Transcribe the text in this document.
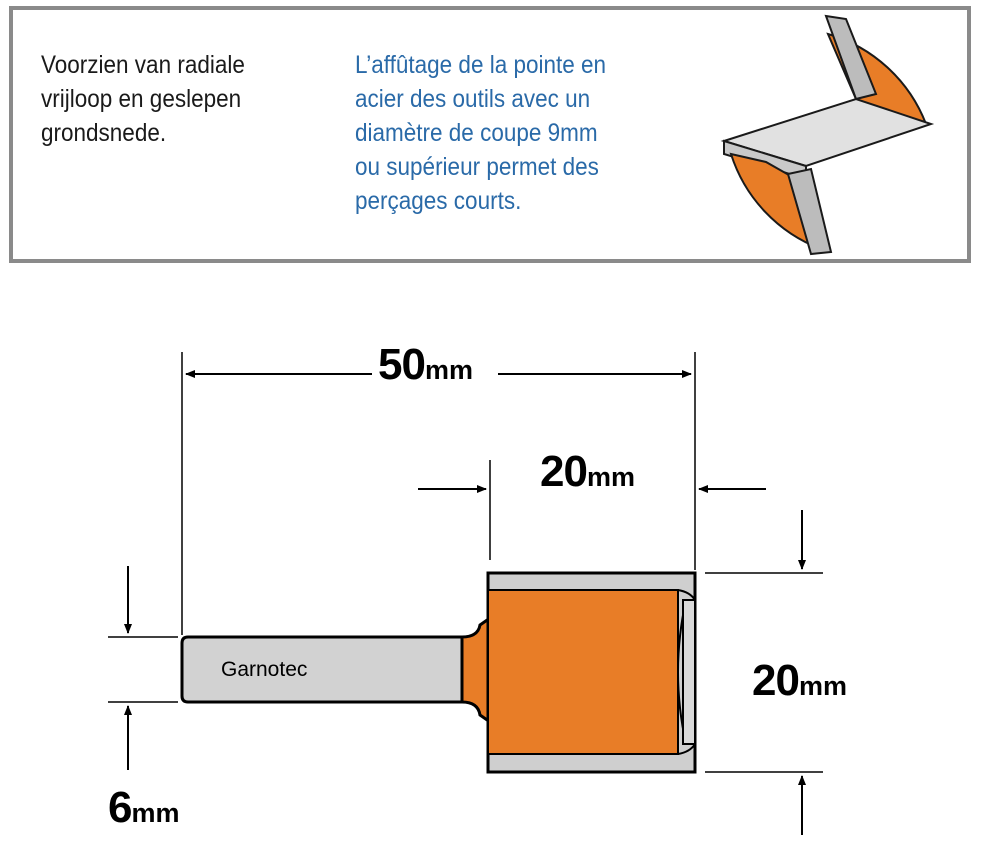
Voorzien van radiale
vrijloop en geslepen
grondsnede.
L’affûtage de la pointe en
acier des outils avec un
diamètre de coupe 9mm
ou supérieur permet des
perçages courts.
Garnotec
50mm
20mm
20mm
6mm
